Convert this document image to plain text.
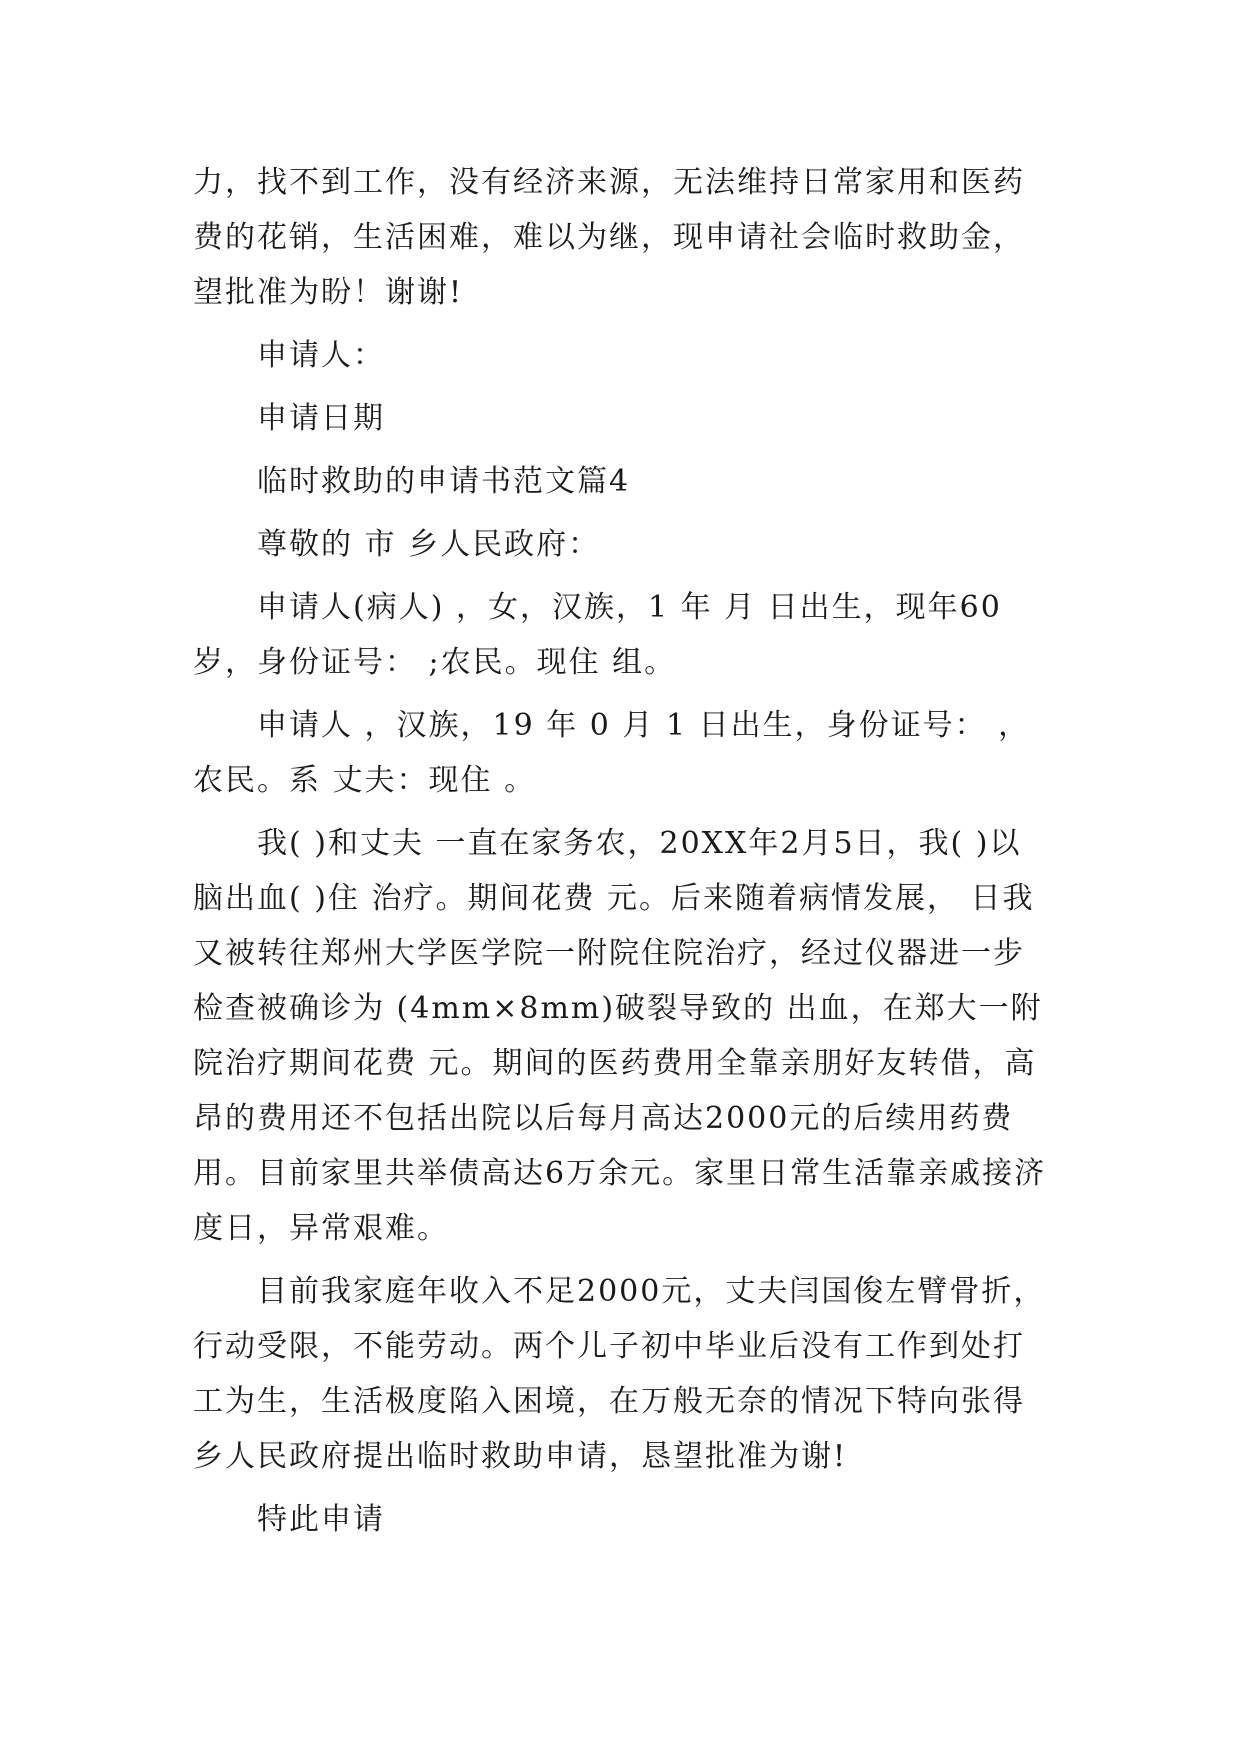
力，找不到工作，没有经济来源，无法维持日常家用和医药费的花销，生活困难，难以为继，现申请社会临时救助金，望批准为盼！谢谢!

申请人：

申请日期

临时救助的申请书范文篇4

尊敬的 市 乡人民政府：

申请人(病人) ，女，汉族，1 年 月 日出生，现年60岁，身份证号： ;农民。现住 组。

申请人 ，汉族，19 年 0 月 1 日出生，身份证号： ，农民。系 丈夫：现住 。

我( )和丈夫 一直在家务农，20XX年2月5日，我( )以脑出血( )住 治疗。期间花费 元。后来随着病情发展， 日我又被转往郑州大学医学院一附院住院治疗，经过仪器进一步检查被确诊为 (4mm×8mm)破裂导致的 出血，在郑大一附院治疗期间花费 元。期间的医药费用全靠亲朋好友转借，高昂的费用还不包括出院以后每月高达2000元的后续用药费用。目前家里共举债高达6万余元。家里日常生活靠亲戚接济度日，异常艰难。

目前我家庭年收入不足2000元，丈夫闫国俊左臂骨折，行动受限，不能劳动。两个儿子初中毕业后没有工作到处打工为生，生活极度陷入困境，在万般无奈的情况下特向张得乡人民政府提出临时救助申请，恳望批准为谢!

特此申请
